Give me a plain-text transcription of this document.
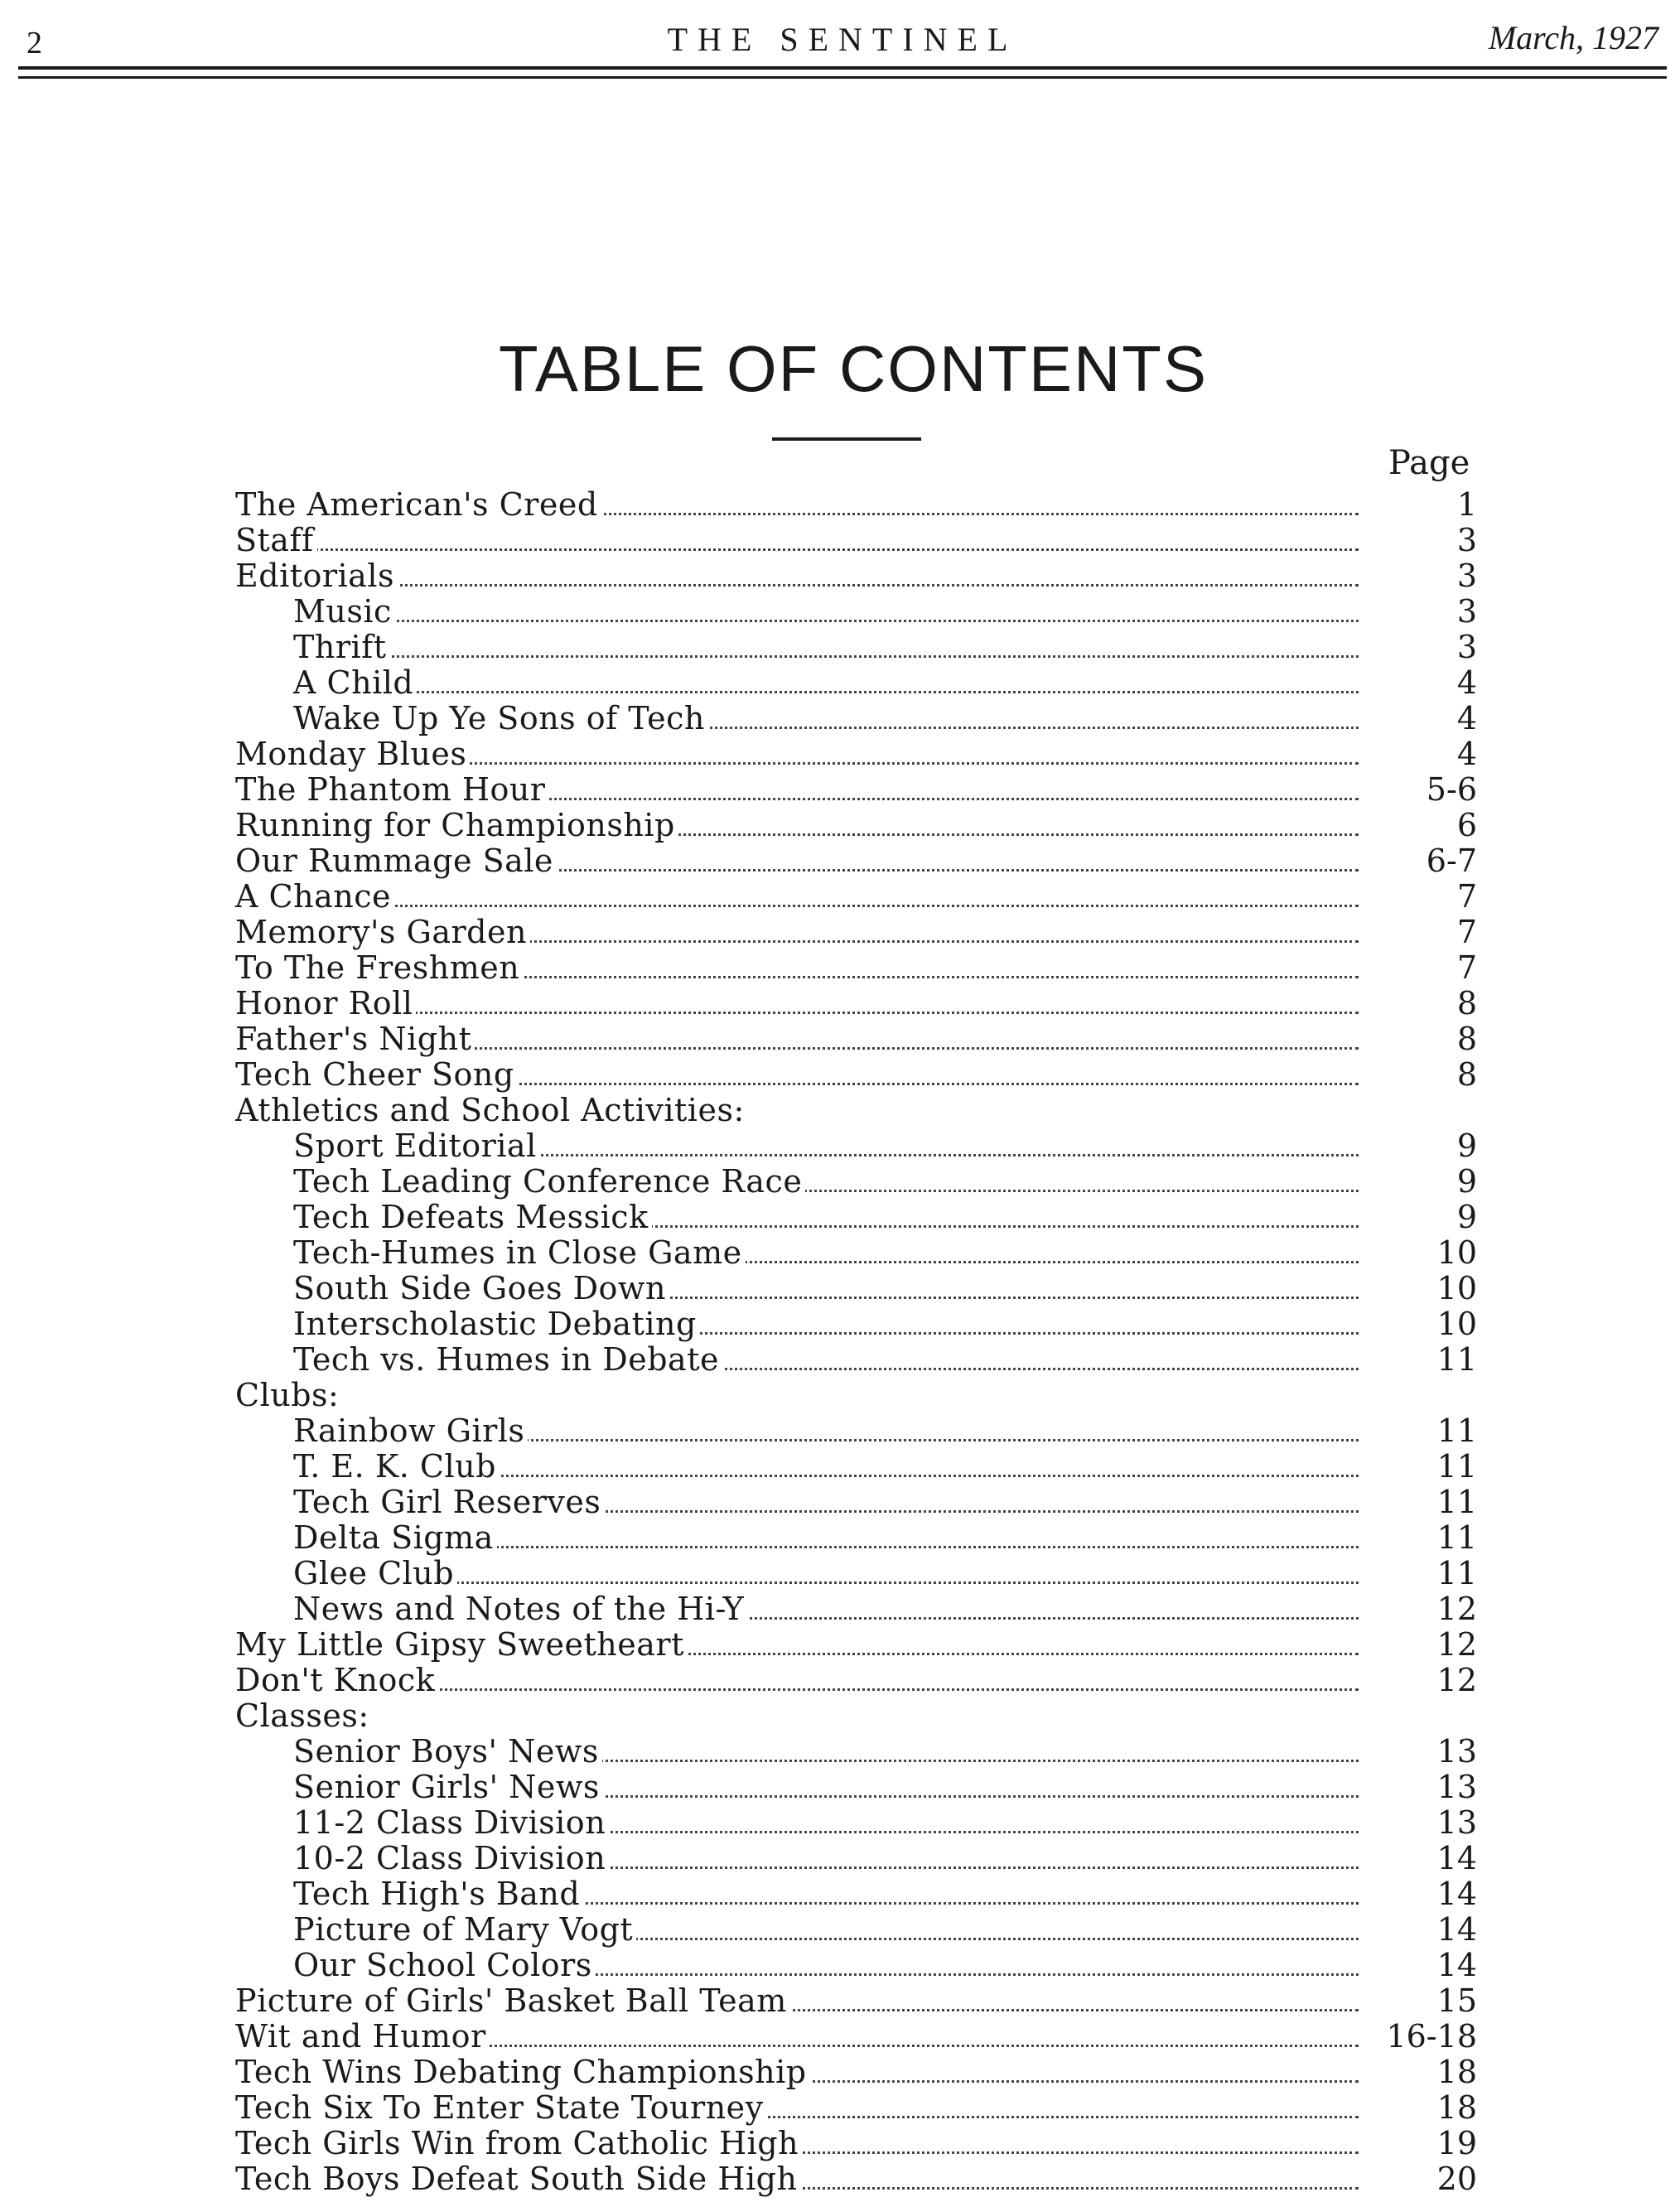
2	THE SENTINEL	March, 1927
TABLE OF CONTENTS
Page
The American's Creed	1
Staff	3
Editorials	3
Music	3
Thrift	3
A Child	4
Wake Up Ye Sons of Tech	4
Monday Blues	4
The Phantom Hour	5-6
Running for Championship	6
Our Rummage Sale	6-7
A Chance	7
Memory's Garden	7
To The Freshmen	7
Honor Roll	8
Father's Night	8
Tech Cheer Song	8
Athletics and School Activities:
Sport Editorial	9
Tech Leading Conference Race	9
Tech Defeats Messick	9
Tech-Humes in Close Game	10
South Side Goes Down	10
Interscholastic Debating	10
Tech vs. Humes in Debate	11
Clubs:
Rainbow Girls	11
T. E. K. Club	11
Tech Girl Reserves	11
Delta Sigma	11
Glee Club	11
News and Notes of the Hi-Y	12
My Little Gipsy Sweetheart	12
Don't Knock	12
Classes:
Senior Boys' News	13
Senior Girls' News	13
11-2 Class Division	13
10-2 Class Division	14
Tech High's Band	14
Picture of Mary Vogt	14
Our School Colors	14
Picture of Girls' Basket Ball Team	15
Wit and Humor	16-18
Tech Wins Debating Championship	18
Tech Six To Enter State Tourney	18
Tech Girls Win from Catholic High	19
Tech Boys Defeat South Side High	20
